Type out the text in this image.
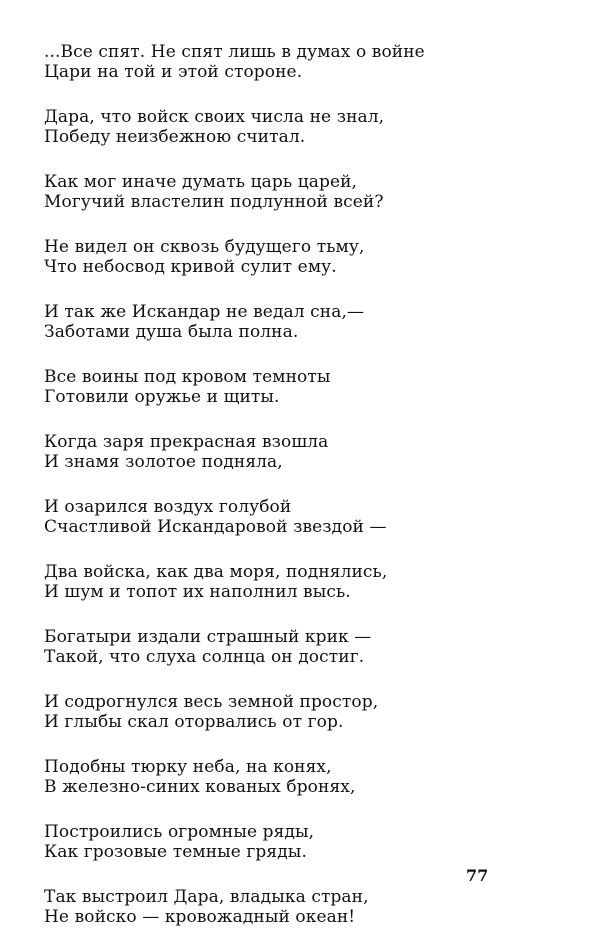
...Все спят. Не спят лишь в думах о войне
Цари на той и этой стороне.
Дара, что войск своих числа не знал,
Победу неизбежною считал.
Как мог иначе думать царь царей,
Могучий властелин подлунной всей?
Не видел он сквозь будущего тьму,
Что небосвод кривой сулит ему.
И так же Искандар не ведал сна,—
Заботами душа была полна.
Все воины под кровом темноты
Готовили оружье и щиты.
Когда заря прекрасная взошла
И знамя золотое подняла,
И озарился воздух голубой
Счастливой Искандаровой звездой —
Два войска, как два моря, поднялись,
И шум и топот их наполнил высь.
Богатыри издали страшный крик —
Такой, что слуха солнца он достиг.
И содрогнулся весь земной простор,
И глыбы скал оторвались от гор.
Подобны тюрку неба, на конях,
В железно-синих кованых бронях,
Построились огромные ряды,
Как грозовые темные гряды.
Так выстроил Дара, владыка стран,
Не войско — кровожадный океан!
77
